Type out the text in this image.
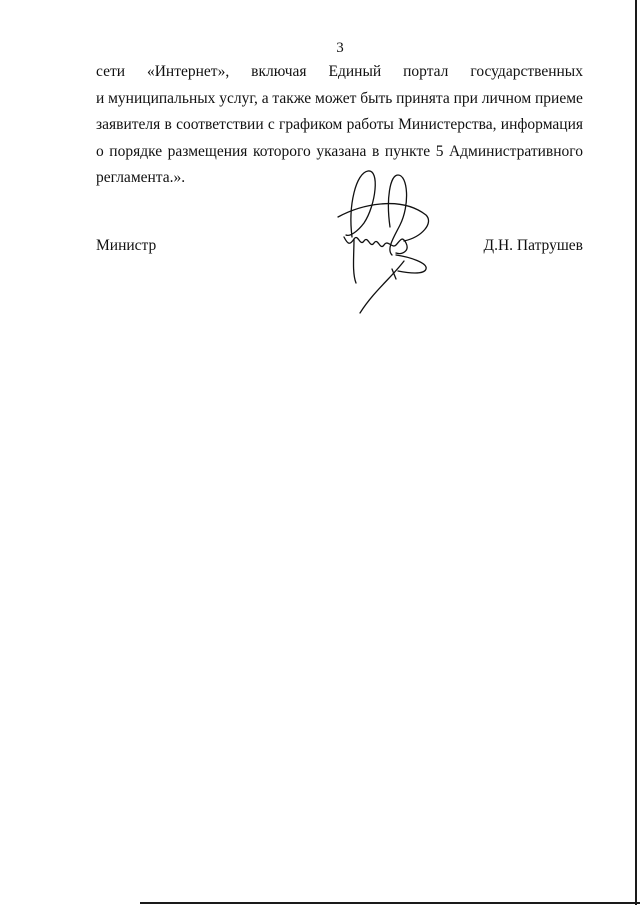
3
сети «Интернет», включая Единый портал государственных
и муниципальных услуг, а также может быть принята при личном приеме
заявителя в соответствии с графиком работы Министерства, информация
о порядке размещения которого указана в пункте 5 Административного
регламента.».
Министр	Д.Н. Патрушев
